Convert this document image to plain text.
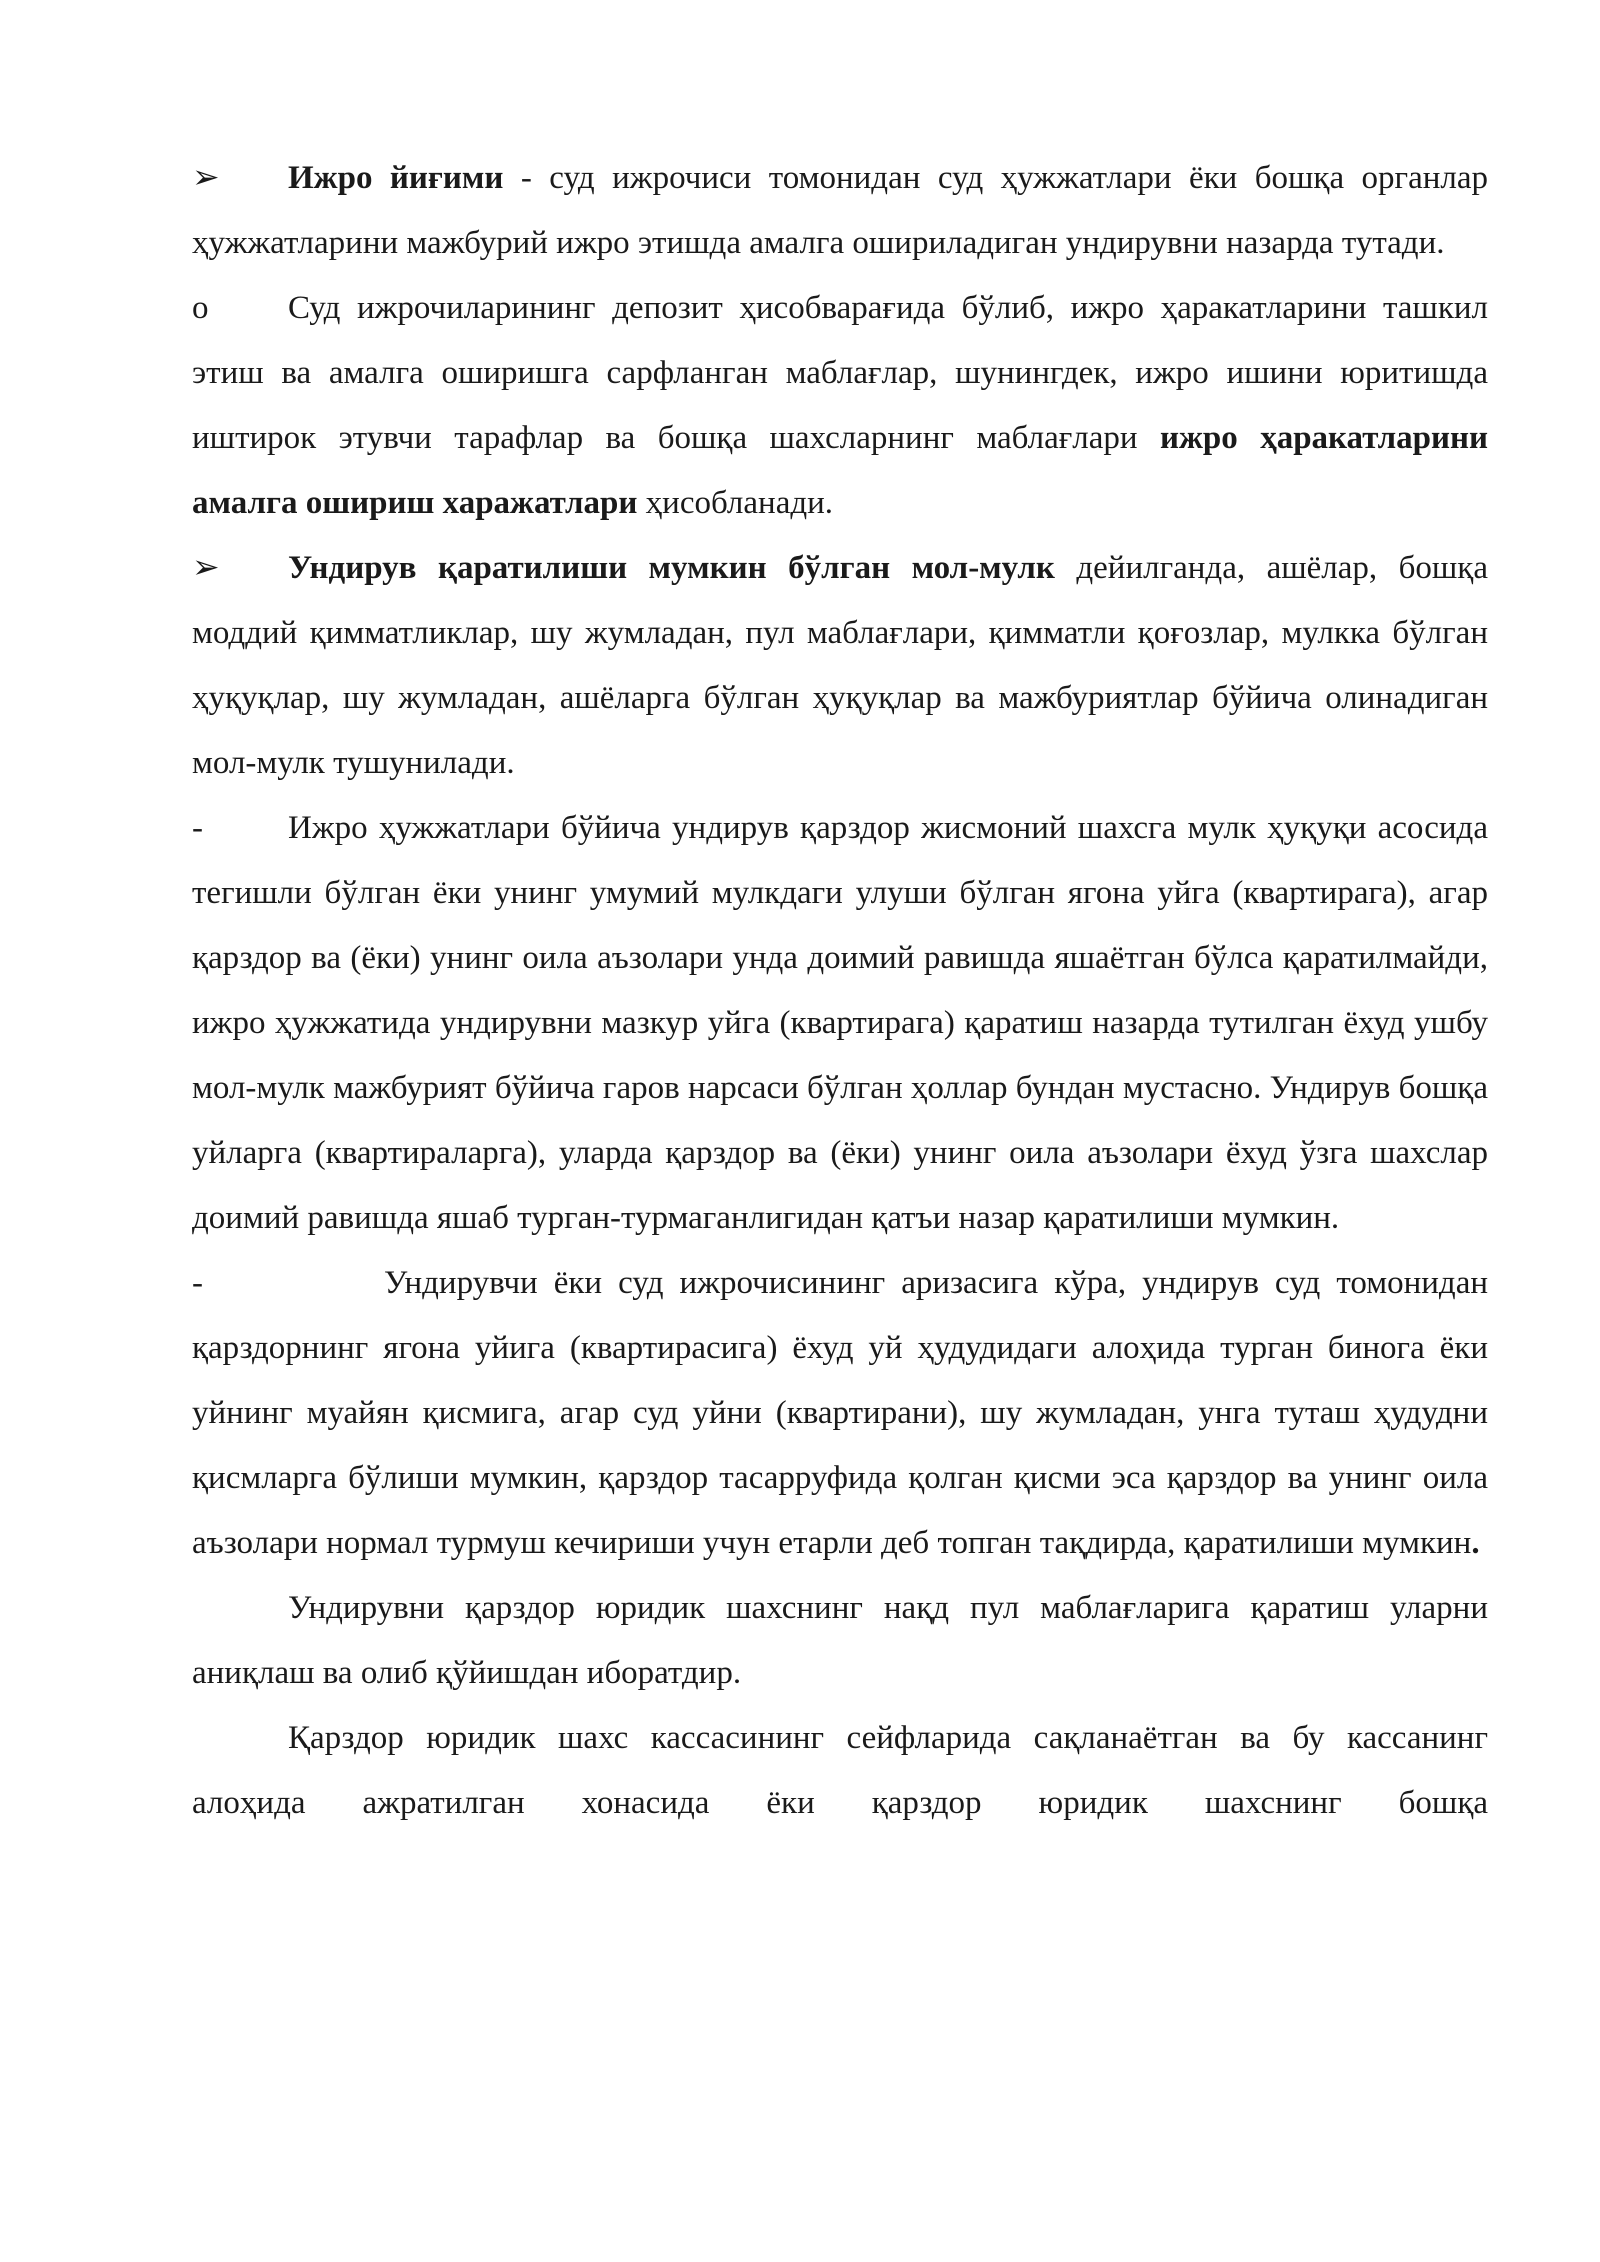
➢ Ижро йиғими - суд ижрочиси томонидан суд ҳужжатлари ёки бошқа органлар ҳужжатларини мажбурий ижро этишда амалга ошириладиган ундирувни назарда тутади.

o Суд ижрочиларининг депозит ҳисобварағида бўлиб, ижро ҳаракатларини ташкил этиш ва амалга оширишга сарфланган маблағлар, шунингдек, ижро ишини юритишда иштирок этувчи тарафлар ва бошқа шахсларнинг маблағлари ижро ҳаракатларини амалга ошириш харажатлари ҳисобланади.

➢ Ундирув қаратилиши мумкин бўлган мол-мулк дейилганда, ашёлар, бошқа моддий қимматликлар, шу жумладан, пул маблағлари, қимматли қоғозлар, мулкка бўлган ҳуқуқлар, шу жумладан, ашёларга бўлган ҳуқуқлар ва мажбуриятлар бўйича олинадиган мол-мулк тушунилади.

-	Ижро ҳужжатлари бўйича ундирув қарздор жисмоний шахсга мулк ҳуқуқи асосида тегишли бўлган ёки унинг умумий мулкдаги улуши бўлган ягона уйга (квартирага), агар қарздор ва (ёки) унинг оила аъзолари унда доимий равишда яшаётган бўлса қаратилмайди, ижро ҳужжатида ундирувни мазкур уйга (квартирага) қаратиш назарда тутилган ёхуд ушбу мол-мулк мажбурият бўйича гаров нарсаси бўлган ҳоллар бундан мустасно. Ундирув бошқа уйларга (квартираларга), уларда қарздор ва (ёки) унинг оила аъзолари ёхуд ўзга шахслар доимий равишда яшаб турган-турмаганлигидан қатъи назар қаратилиши мумкин.

-	Ундирувчи ёки суд ижрочисининг аризасига кўра, ундирув суд томонидан қарздорнинг ягона уйига (квартирасига) ёхуд уй ҳудудидаги алоҳида турган бинога ёки уйнинг муайян қисмига, агар суд уйни (квартирани), шу жумладан, унга туташ ҳудудни қисмларга бўлиши мумкин, қарздор тасарруфида қолган қисми эса қарздор ва унинг оила аъзолари нормал турмуш кечириши учун етарли деб топган тақдирда, қаратилиши мумкин.

Ундирувни қарздор юридик шахснинг нақд пул маблағларига қаратиш уларни аниқлаш ва олиб қўйишдан иборатдир.

Қарздор юридик шахс кассасининг сейфларида сақланаётган ва бу кассанинг алоҳида ажратилган хонасида ёки қарздор юридик шахснинг бошқа
